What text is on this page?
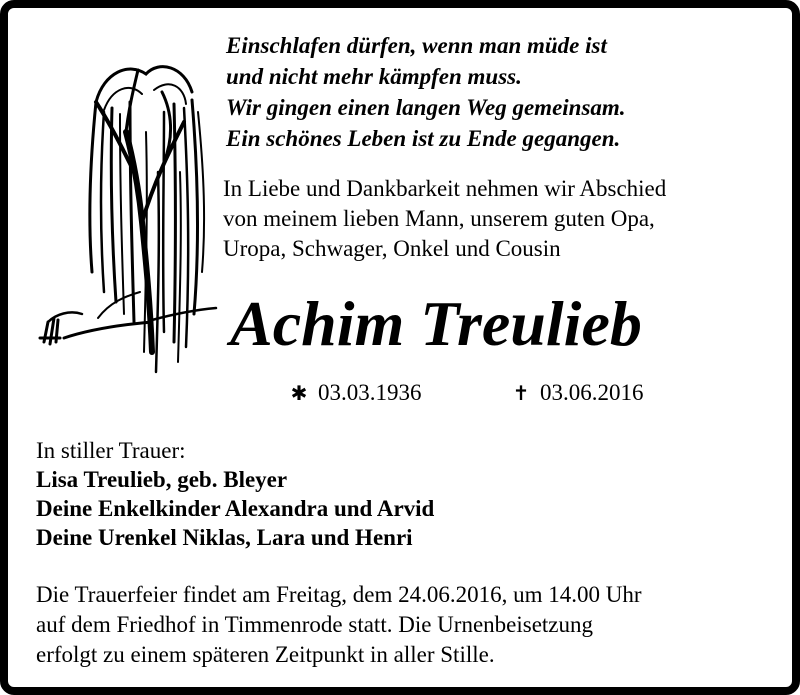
Einschlafen dürfen, wenn man müde ist
und nicht mehr kämpfen muss.
Wir gingen einen langen Weg gemeinsam.
Ein schönes Leben ist zu Ende gegangen.
In Liebe und Dankbarkeit nehmen wir Abschied
von meinem lieben Mann, unserem guten Opa,
Uropa, Schwager, Onkel und Cousin
Achim Treulieb
✱ 03.03.1936	✝ 03.06.2016
In stiller Trauer:
Lisa Treulieb, geb. Bleyer
Deine Enkelkinder Alexandra und Arvid
Deine Urenkel Niklas, Lara und Henri
Die Trauerfeier findet am Freitag, dem 24.06.2016, um 14.00 Uhr
auf dem Friedhof in Timmenrode statt. Die Urnenbeisetzung
erfolgt zu einem späteren Zeitpunkt in aller Stille.
